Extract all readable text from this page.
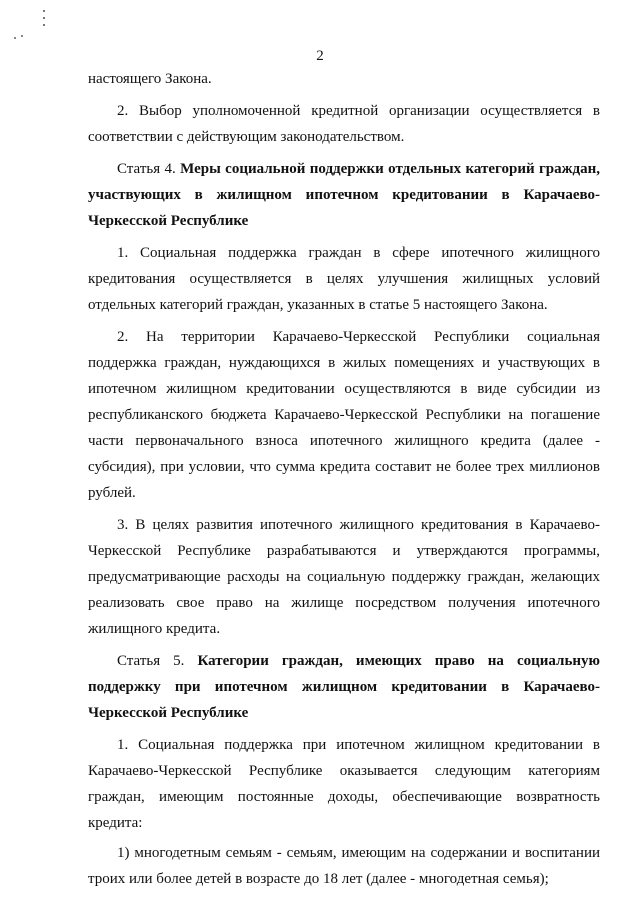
2

настоящего Закона.

2. Выбор уполномоченной кредитной организации осуществляется в соответствии с действующим законодательством.

Статья 4. Меры социальной поддержки отдельных категорий граждан, участвующих в жилищном ипотечном кредитовании в Карачаево-Черкесской Республике

1. Социальная поддержка граждан в сфере ипотечного жилищного кредитования осуществляется в целях улучшения жилищных условий отдельных категорий граждан, указанных в статье 5 настоящего Закона.

2. На территории Карачаево-Черкесской Республики социальная поддержка граждан, нуждающихся в жилых помещениях и участвующих в ипотечном жилищном кредитовании осуществляются в виде субсидии из республиканского бюджета Карачаево-Черкесской Республики на погашение части первоначального взноса ипотечного жилищного кредита (далее - субсидия), при условии, что сумма кредита составит не более трех миллионов рублей.

3. В целях развития ипотечного жилищного кредитования в Карачаево-Черкесской Республике разрабатываются и утверждаются программы, предусматривающие расходы на социальную поддержку граждан, желающих реализовать свое право на жилище посредством получения ипотечного жилищного кредита.

Статья 5. Категории граждан, имеющих право на социальную поддержку при ипотечном жилищном кредитовании в Карачаево-Черкесской Республике

1. Социальная поддержка при ипотечном жилищном кредитовании в Карачаево-Черкесской Республике оказывается следующим категориям граждан, имеющим постоянные доходы, обеспечивающие возвратность кредита:

1) многодетным семьям - семьям, имеющим на содержании и воспитании троих или более детей в возрасте до 18 лет (далее - многодетная семья);
